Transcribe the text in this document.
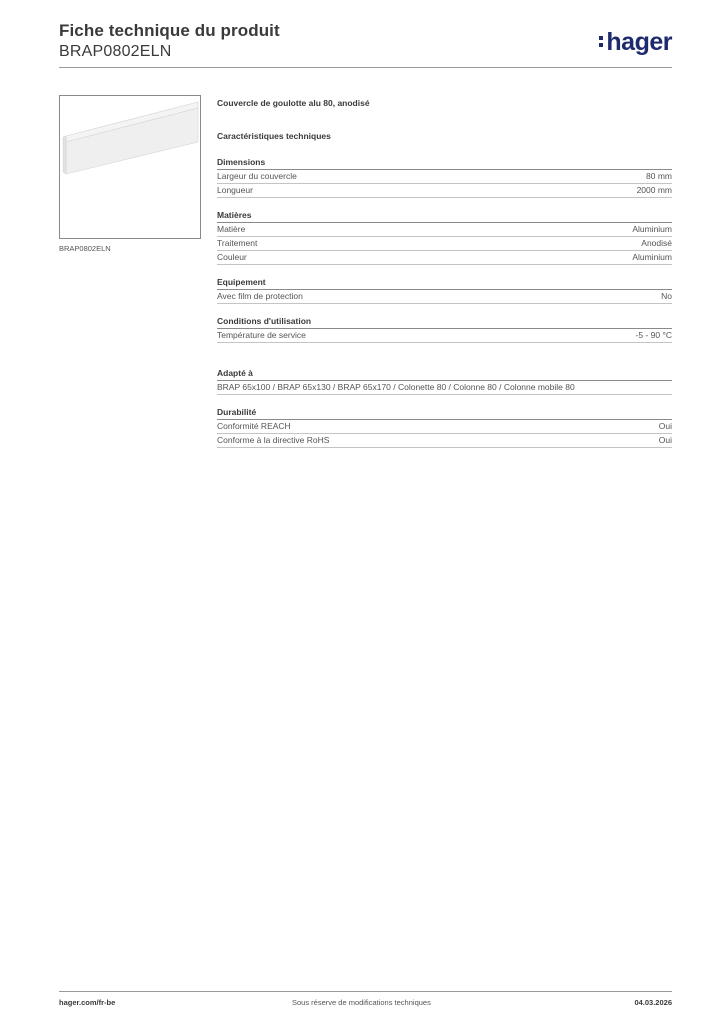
Fiche technique du produit
BRAP0802ELN	hager
BRAP0802ELN
Couvercle de goulotte alu 80, anodisé
Caractéristiques techniques
Dimensions
Largeur du couvercle	80 mm
Longueur	2000 mm
Matières
Matière	Aluminium
Traitement	Anodisé
Couleur	Aluminium
Equipement
Avec film de protection	No
Conditions d'utilisation
Température de service	-5 - 90 °C
Adapté à
BRAP 65x100 / BRAP 65x130 / BRAP 65x170 / Colonette 80 / Colonne 80 / Colonne mobile 80
Durabilité
Conformité REACH	Oui
Conforme à la directive RoHS	Oui
hager.com/fr-be	Sous réserve de modifications techniques	04.03.2026
